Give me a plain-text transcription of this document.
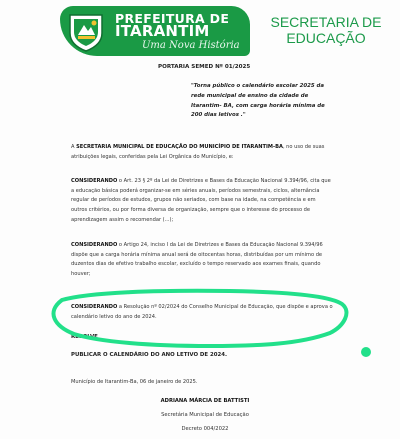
PREFEITURA DE
ITARANTIM
Uma Nova História
SECRETARIA DE
EDUCAÇÃO
PORTARIA SEMED Nº 01/2025
"Torna público o calendário escolar 2025 da rede municipal de ensino da cidade de Itarantim- BA, com carga horária mínima de 200 dias letivos ."
A SECRETARIA MUNICIPAL DE EDUCAÇÃO DO MUNICÍPIO DE ITARANTIM-BA, no uso de suas atribuições legais, conferidas pela Lei Orgânica do Município, e:
CONSIDERANDO o Art. 23 § 2º da Lei de Diretrizes e Bases da Educação Nacional 9.394/96, cita que a educação básica poderá organizar-se em séries anuais, períodos semestrais, ciclos, alternância regular de períodos de estudos, grupos não seriados, com base na idade, na competência e em outros critérios, ou por forma diversa de organização, sempre que o interesse do processo de aprendizagem assim o recomendar (...);
CONSIDERANDO o Artigo 24, inciso I da Lei de Diretrizes e Bases da Educação Nacional 9.394/96 dispõe que a carga horária mínima anual será de oitocentas horas, distribuídas por um mínimo de duzentos dias de efetivo trabalho escolar, excluído o tempo reservado aos exames finais, quando houver;
CONSIDERANDO a Resolução nº 02/2024 do Conselho Municipal de Educação, que dispõe e aprova o calendário letivo do ano de 2024.
RESOLVE
PUBLICAR O CALENDÁRIO DO ANO LETIVO DE 2024.
Município de Itarantim-Ba, 06 de janeiro de 2025.
ADRIANA MÁRCIA DE BATTISTI
Secretária Municipal de Educação
Decreto 004/2022
